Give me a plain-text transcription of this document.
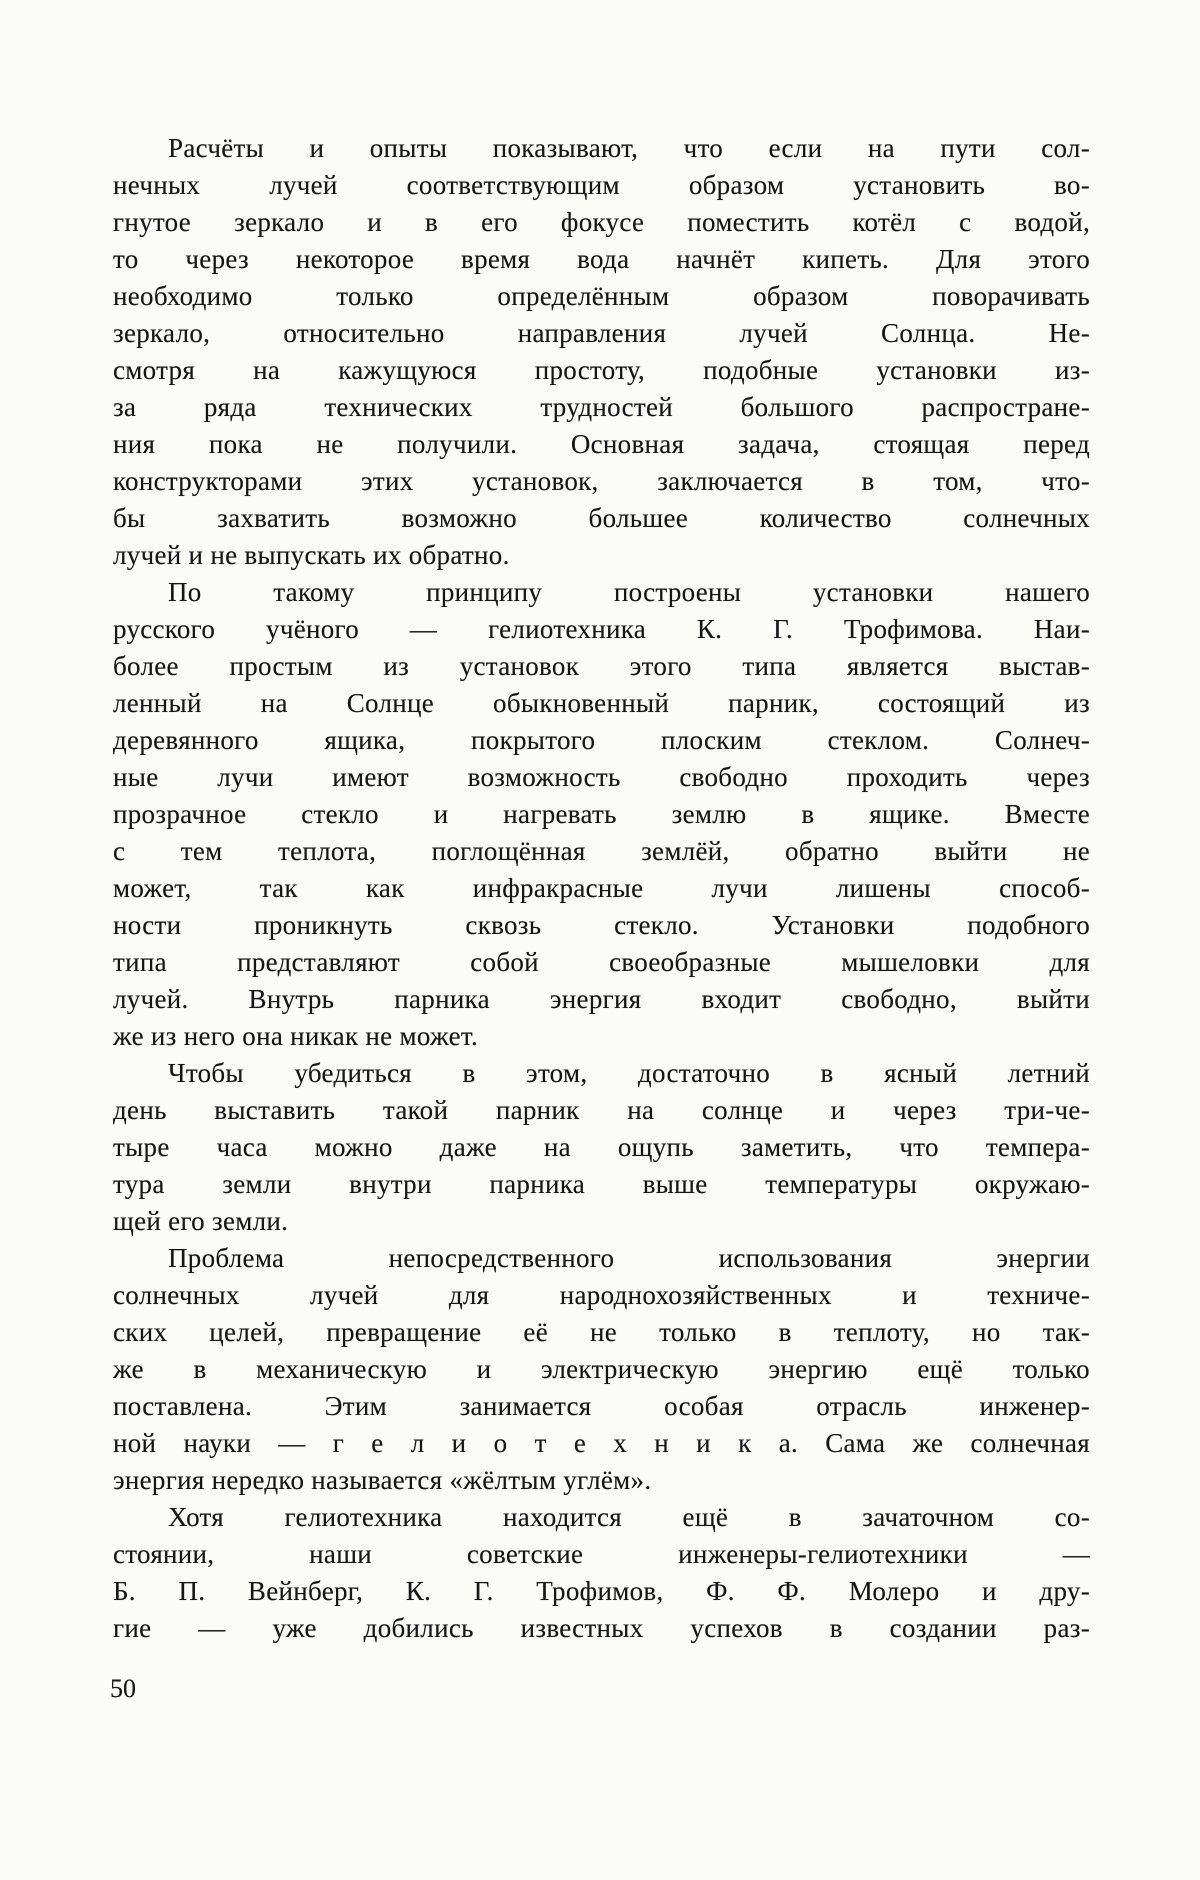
Расчёты и опыты показывают, что если на пути сол-
нечных лучей соответствующим образом установить во-
гнутое зеркало и в его фокусе поместить котёл с водой,
то через некоторое время вода начнёт кипеть. Для этого
необходимо только определённым образом поворачивать
зеркало, относительно направления лучей Солнца. Не-
смотря на кажущуюся простоту, подобные установки из-
за ряда технических трудностей большого распростране-
ния пока не получили. Основная задача, стоящая перед
конструкторами этих установок, заключается в том, что-
бы захватить возможно большее количество солнечных
лучей и не выпускать их обратно.
По такому принципу построены установки нашего
русского учёного — гелиотехника К. Г. Трофимова. Наи-
более простым из установок этого типа является выстав-
ленный на Солнце обыкновенный парник, состоящий из
деревянного ящика, покрытого плоским стеклом. Солнеч-
ные лучи имеют возможность свободно проходить через
прозрачное стекло и нагревать землю в ящике. Вместе
с тем теплота, поглощённая землёй, обратно выйти не
может, так как инфракрасные лучи лишены способ-
ности проникнуть сквозь стекло. Установки подобного
типа представляют собой своеобразные мышеловки для
лучей. Внутрь парника энергия входит свободно, выйти
же из него она никак не может.
Чтобы убедиться в этом, достаточно в ясный летний
день выставить такой парник на солнце и через три-че-
тыре часа можно даже на ощупь заметить, что темпера-
тура земли внутри парника выше температуры окружаю-
щей его земли.
Проблема непосредственного использования энергии
солнечных лучей для народнохозяйственных и техниче-
ских целей, превращение её не только в теплоту, но так-
же в механическую и электрическую энергию ещё только
поставлена. Этим занимается особая отрасль инженер-
ной науки — г е л и о т е х н и к а. Сама же солнечная
энергия нередко называется «жёлтым углём».
Хотя гелиотехника находится ещё в зачаточном со-
стоянии, наши советские инженеры-гелиотехники —
Б. П. Вейнберг, К. Г. Трофимов, Ф. Ф. Молеро и дру-
гие — уже добились известных успехов в создании раз-
50
